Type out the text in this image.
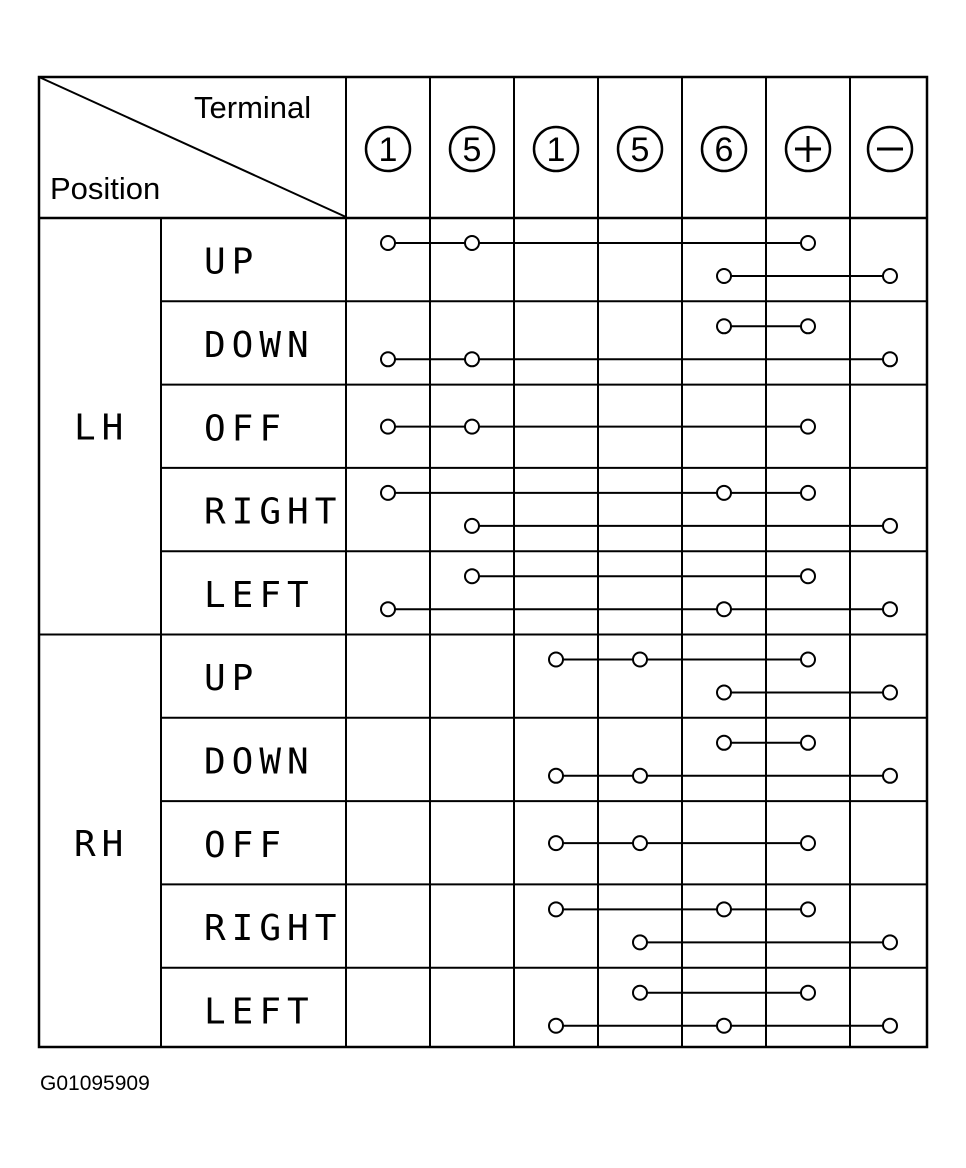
Terminal
Position
1 5 1 5 6
LH
UP
DOWN
OFF
RIGHT
LEFT
RH
UP
DOWN
OFF
RIGHT
LEFT
G01095909
